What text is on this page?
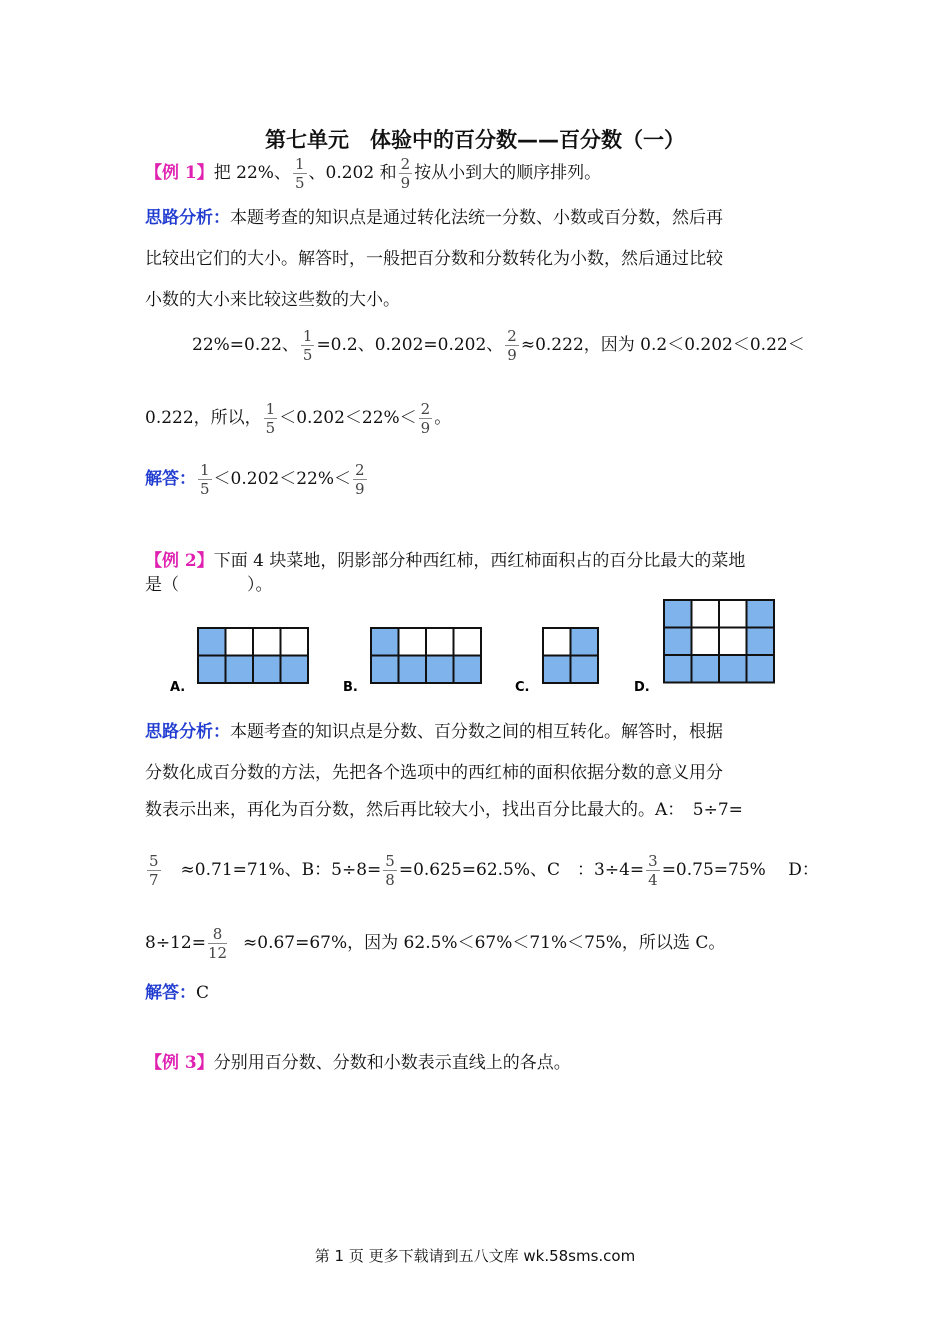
第七单元　体验中的百分数——百分数（一）
【例 1】把 22%、 $\frac{1}{5}$ 、0.202 和 $\frac{2}{9}$ 按从小到大的顺序排列。
思路分析：本题考查的知识点是通过转化法统一分数、小数或百分数，然后再
比较出它们的大小。解答时，一般把百分数和分数转化为小数，然后通过比较
小数的大小来比较这些数的大小。
22%=0.22、 $\frac{1}{5} =0.2$、0.202=0.202、 $\frac{2}{9} \approx 0.222$，因为 0.2＜0.202＜0.22＜
0.222，所以， $\frac{1}{5} <0.202<22\%< \frac{2}{9}$ 。
解答： $\frac{1}{5} <0.202<22\%< \frac{2}{9}$
【例 2】下面 4 块菜地，阴影部分种西红柿，西红柿面积占的百分比最大的菜地
是（　　　　）。
A.	B.	C.	D.
思路分析：本题考查的知识点是分数、百分数之间的相互转化。解答时，根据
分数化成百分数的方法，先把各个选项中的西红柿的面积依据分数的意义用分
数表示出来，再化为百分数，然后再比较大小，找出百分比最大的。A：　5÷7=
$\frac{5}{7} \approx 0.71=71\%$、B：$5\div 8= \frac{5}{8} =0.625=62.5\%$、C　：$3\div 4= \frac{3}{4} =0.75=75\%$　 D：
$8\div 12= \frac{8}{12} \approx 0.67=67\%$，因为 62.5%＜67%＜71%＜75%，所以选 C。
解答：C
【例 3】分别用百分数、分数和小数表示直线上的各点。
第 1 页 更多下载请到五八文库 wk.58sms.com
